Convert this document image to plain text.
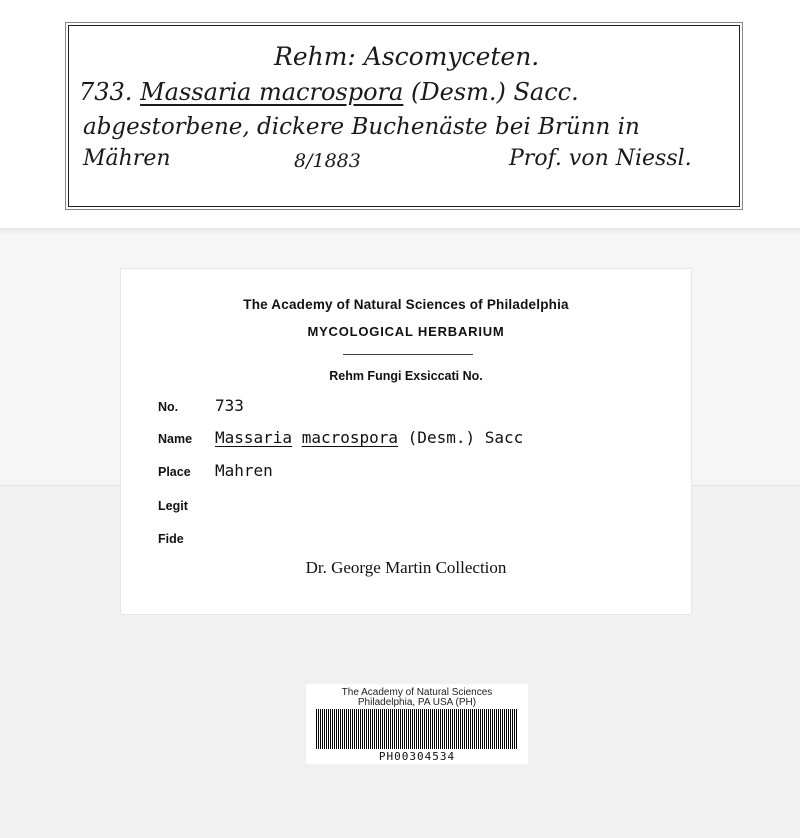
Rehm: Ascomyceten.
733. Massaria macrospora (Desm.) Sacc.
abgestorbene, dickere Buchenäste bei Brünn in
Mähren	8/1883	Prof. von Niessl.
The Academy of Natural Sciences of Philadelphia
MYCOLOGICAL HERBARIUM
Rehm Fungi Exsiccati No.
No. 733
Name Massaria macrospora (Desm.) Sacc
Place Mahren
Legit
Fide
Dr. George Martin Collection
The Academy of Natural Sciences
Philadelphia, PA USA (PH)
PH00304534
